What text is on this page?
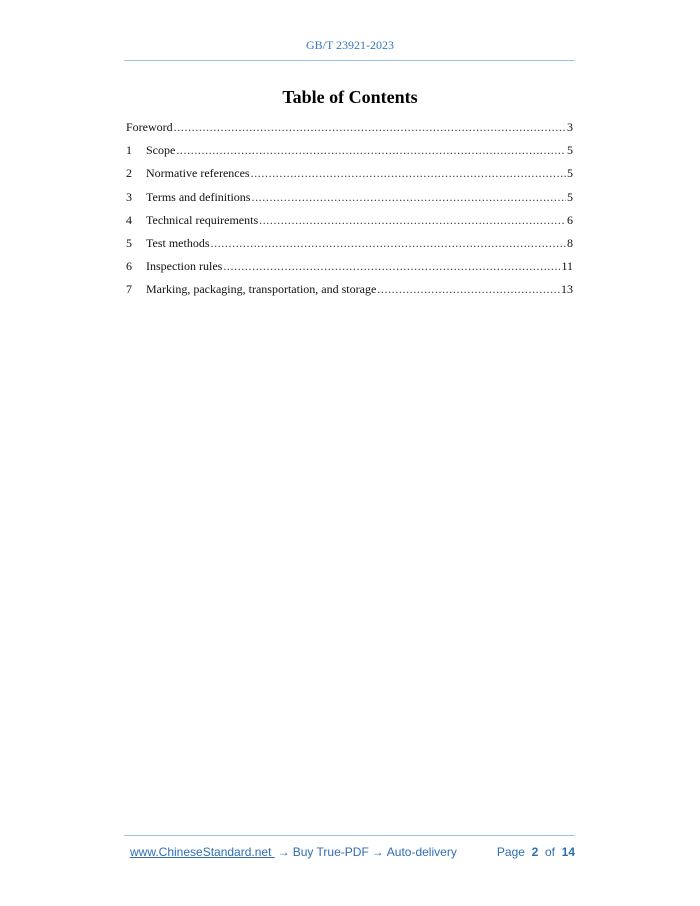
GB/T 23921-2023
Table of Contents
Foreword .....	3
1	Scope .....	5
2	Normative references .....	5
3	Terms and definitions .....	5
4	Technical requirements .....	6
5	Test methods .....	8
6	Inspection rules .....	11
7	Marking, packaging, transportation, and storage .....	13
www.ChineseStandard.net → Buy True-PDF → Auto-delivery	Page 2 of 14
